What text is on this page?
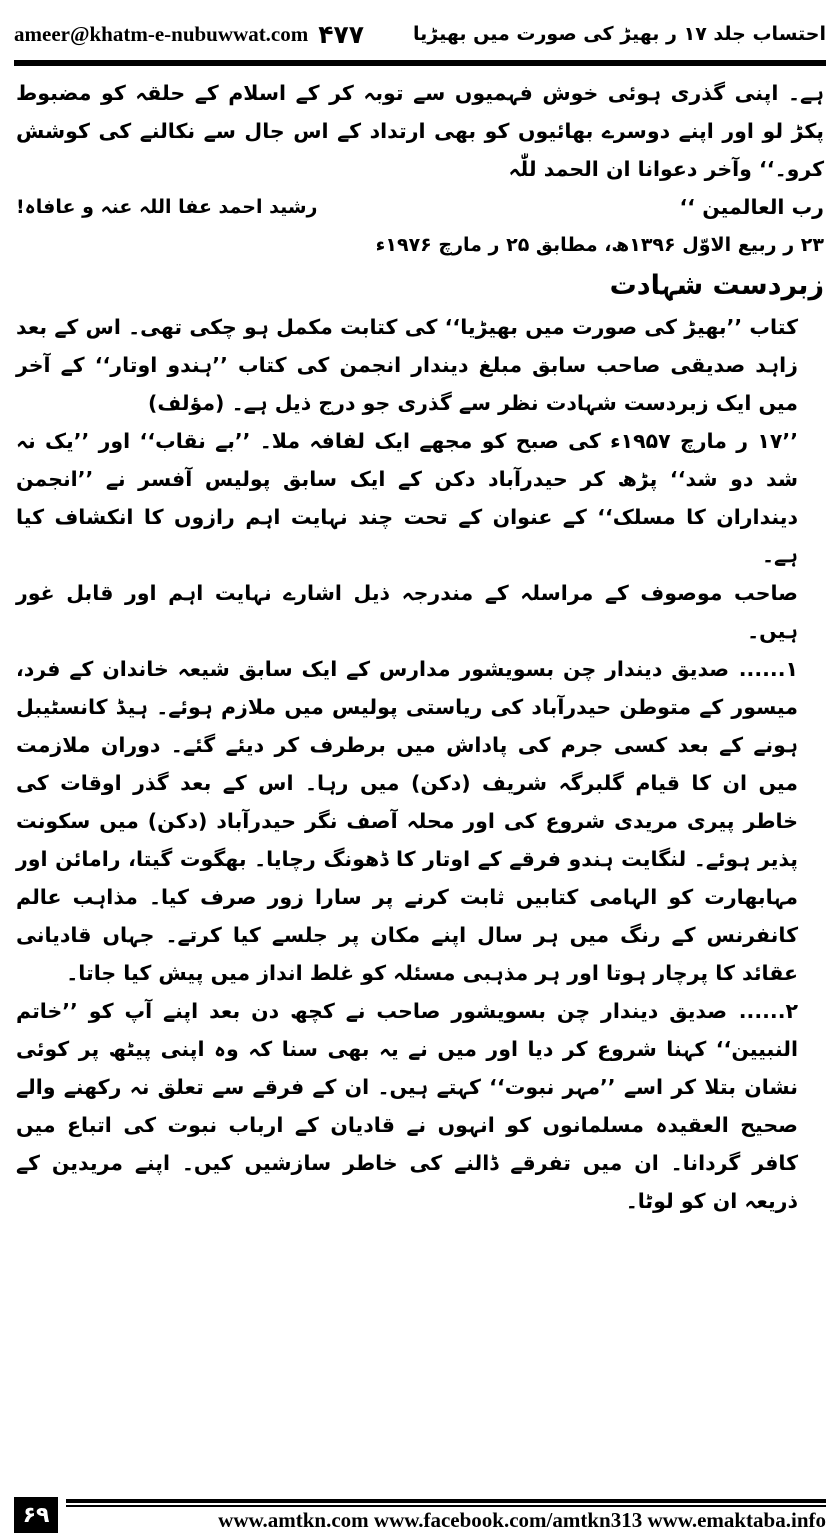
ameer@khatm-e-nubuwwat.com ۴۷۷	احتساب جلد ۱۷ ر بھیڑ کی صورت میں بھیڑیا

ہے۔ اپنی گذری ہوئی خوش فہمیوں سے توبہ کر کے اسلام کے حلقہ کو مضبوط پکڑ لو اور اپنے دوسرے بھائیوں کو بھی ارتداد کے اس جال سے نکالنے کی کوشش کرو۔‘‘ وآخر دعوانا ان الحمد للّٰہ

رب العالمین ‘‘
رشید احمد عفا اللہ عنہ و عافاہ!

۲۳ ر ربیع الاوّل ۱۳۹۶ھ، مطابق ۲۵ ر مارچ ۱۹۷۶ء

زبردست شہادت

کتاب ’’بھیڑ کی صورت میں بھیڑیا‘‘ کی کتابت مکمل ہو چکی تھی۔ اس کے بعد زاہد صدیقی صاحب سابق مبلغ دیندار انجمن کی کتاب ’’ہندو اوتار‘‘ کے آخر میں ایک زبردست شہادت نظر سے گذری جو درج ذیل ہے۔ (مؤلف)

’’۱۷ ر مارچ ۱۹۵۷ء کی صبح کو مجھے ایک لفافہ ملا۔ ’’بے نقاب‘‘ اور ’’یک نہ شد دو شد‘‘ پڑھ کر حیدرآباد دکن کے ایک سابق پولیس آفسر نے ’’انجمن دینداران کا مسلک‘‘ کے عنوان کے تحت چند نہایت اہم رازوں کا انکشاف کیا ہے۔

صاحب موصوف کے مراسلہ کے مندرجہ ذیل اشارے نہایت اہم اور قابل غور ہیں۔

۱...... صدیق دیندار چن بسویشور مدارس کے ایک سابق شیعہ خاندان کے فرد، میسور کے متوطن حیدرآباد کی ریاستی پولیس میں ملازم ہوئے۔ ہیڈ کانسٹیبل ہونے کے بعد کسی جرم کی پاداش میں برطرف کر دیئے گئے۔ دوران ملازمت میں ان کا قیام گلبرگہ شریف (دکن) میں رہا۔ اس کے بعد گذر اوقات کی خاطر پیری مریدی شروع کی اور محلہ آصف نگر حیدرآباد (دکن) میں سکونت پذیر ہوئے۔ لنگایت ہندو فرقے کے اوتار کا ڈھونگ رچایا۔ بھگوت گیتا، رامائن اور مہابھارت کو الہامی کتابیں ثابت کرنے پر سارا زور صرف کیا۔ مذاہب عالم کانفرنس کے رنگ میں ہر سال اپنے مکان پر جلسے کیا کرتے۔ جہاں قادیانی عقائد کا پرچار ہوتا اور ہر مذہبی مسئلہ کو غلط انداز میں پیش کیا جاتا۔

۲...... صدیق دیندار چن بسویشور صاحب نے کچھ دن بعد اپنے آپ کو ’’خاتم النبیین‘‘ کہنا شروع کر دیا اور میں نے یہ بھی سنا کہ وہ اپنی پیٹھ پر کوئی نشان بتلا کر اسے ’’مہر نبوت‘‘ کہتے ہیں۔ ان کے فرقے سے تعلق نہ رکھنے والے صحیح العقیدہ مسلمانوں کو انہوں نے قادیان کے ارباب نبوت کی اتباع میں کافر گردانا۔ ان میں تفرقے ڈالنے کی خاطر سازشیں کیں۔ اپنے مریدین کے ذریعہ ان کو لوٹا۔

۶۹	www.amtkn.com www.facebook.com/amtkn313 www.emaktaba.info
